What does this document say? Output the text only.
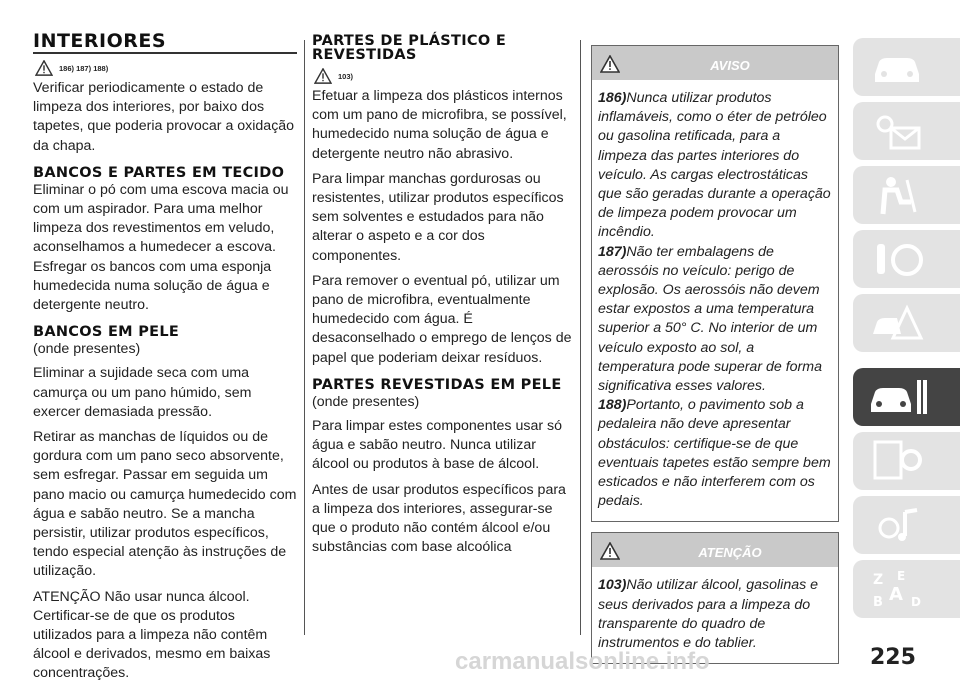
INTERIORES
186) 187) 188)

Verificar periodicamente o estado de limpeza dos interiores, por baixo dos tapetes, que poderia provocar a oxidação da chapa.

BANCOS E PARTES EM TECIDO

Eliminar o pó com uma escova macia ou com um aspirador. Para uma melhor limpeza dos revestimentos em veludo, aconselhamos a humedecer a escova. Esfregar os bancos com uma esponja humedecida numa solução de água e detergente neutro.

BANCOS EM PELE

(onde presentes)

Eliminar a sujidade seca com uma camurça ou um pano húmido, sem exercer demasiada pressão.

Retirar as manchas de líquidos ou de gordura com um pano seco absorvente, sem esfregar. Passar em seguida um pano macio ou camurça humedecido com água e sabão neutro. Se a mancha persistir, utilizar produtos específicos, tendo especial atenção às instruções de utilização.

ATENÇÃO Não usar nunca álcool. Certificar-se de que os produtos utilizados para a limpeza não contêm álcool e derivados, mesmo em baixas concentrações.

PARTES DE PLÁSTICO E REVESTIDAS
103)

Efetuar a limpeza dos plásticos internos com um pano de microfibra, se possível, humedecido numa solução de água e detergente neutro não abrasivo.

Para limpar manchas gordurosas ou resistentes, utilizar produtos específicos sem solventes e estudados para não alterar o aspeto e a cor dos componentes.

Para remover o eventual pó, utilizar um pano de microfibra, eventualmente humedecido com água. É desaconselhado o emprego de lenços de papel que poderiam deixar resíduos.

PARTES REVESTIDAS EM PELE

(onde presentes)

Para limpar estes componentes usar só água e sabão neutro. Nunca utilizar álcool ou produtos à base de álcool.

Antes de usar produtos específicos para a limpeza dos interiores, assegurar-se que o produto não contém álcool e/ou substâncias com base alcoólica

AVISO

186)Nunca utilizar produtos inflamáveis, como o éter de petróleo ou gasolina retificada, para a limpeza das partes interiores do veículo. As cargas electrostáticas que são geradas durante a operação de limpeza podem provocar um incêndio.

187)Não ter embalagens de aerossóis no veículo: perigo de explosão. Os aerossóis não devem estar expostos a uma temperatura superior a 50° C. No interior de um veículo exposto ao sol, a temperatura pode superar de forma significativa esses valores.

188)Portanto, o pavimento sob a pedaleira não deve apresentar obstáculos: certifique-se de que eventuais tapetes estão sempre bem esticados e não interferem com os pedais.

ATENÇÃO

103)Não utilizar álcool, gasolinas e seus derivados para a limpeza do transparente do quadro de instrumentos e do tablier.

Z E
B A D
225
carmanualsonline.info
